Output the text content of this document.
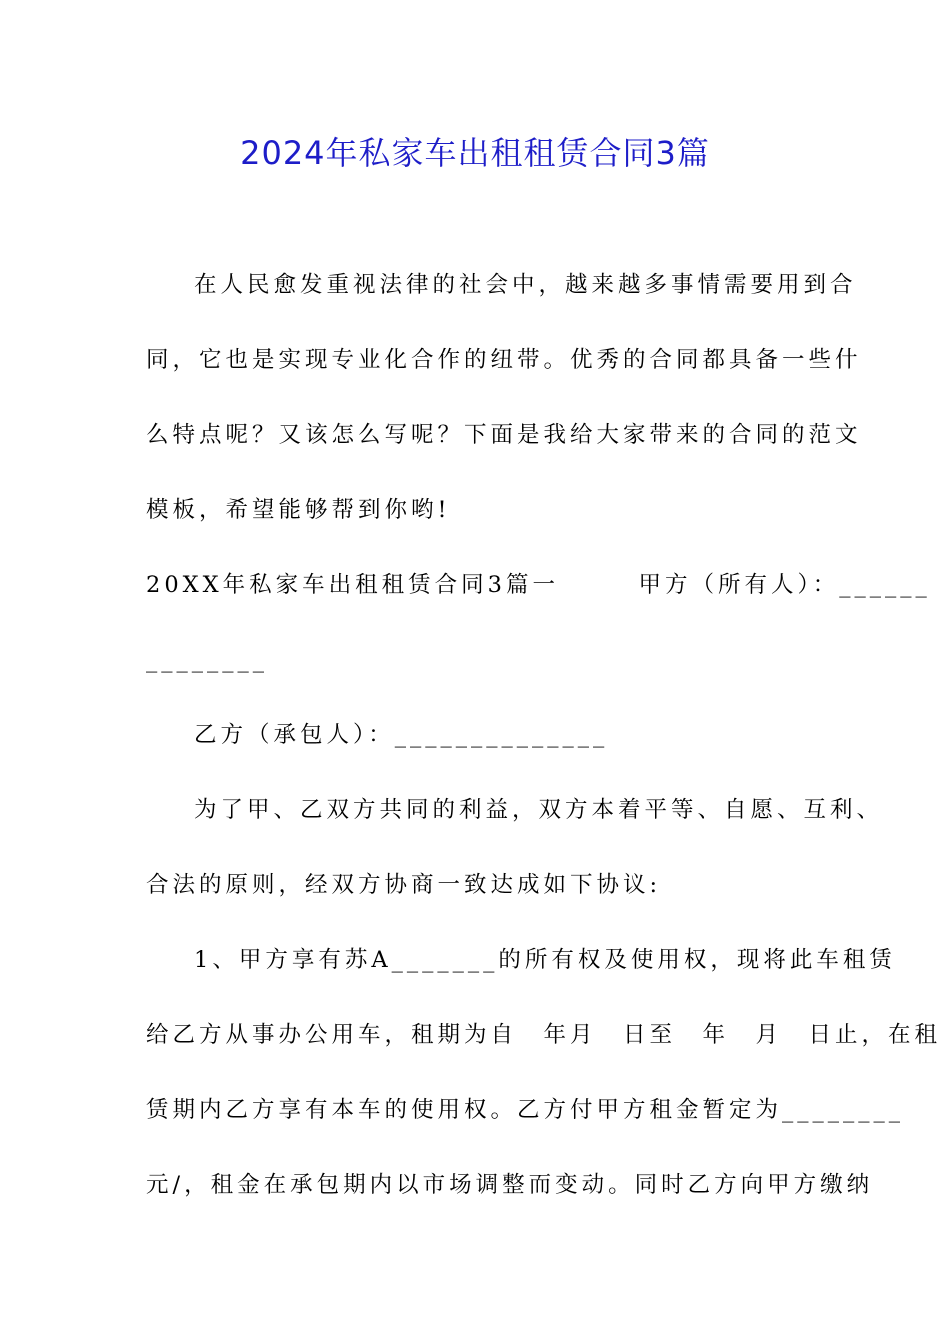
2024年私家车出租租赁合同3篇
在人民愈发重视法律的社会中，越来越多事情需要用到合
同，它也是实现专业化合作的纽带。优秀的合同都具备一些什
么特点呢？又该怎么写呢？下面是我给大家带来的合同的范文
模板，希望能够帮到你哟!
20XX年私家车出租租赁合同3篇一　　　甲方（所有人）：______
________
乙方（承包人）：______________
为了甲、乙双方共同的利益，双方本着平等、自愿、互利、
合法的原则，经双方协商一致达成如下协议:
1、甲方享有苏A_______的所有权及使用权，现将此车租赁
给乙方从事办公用车，租期为自　年月　日至　年　月　日止，在租
赁期内乙方享有本车的使用权。乙方付甲方租金暂定为________
元/，租金在承包期内以市场调整而变动。同时乙方向甲方缴纳
